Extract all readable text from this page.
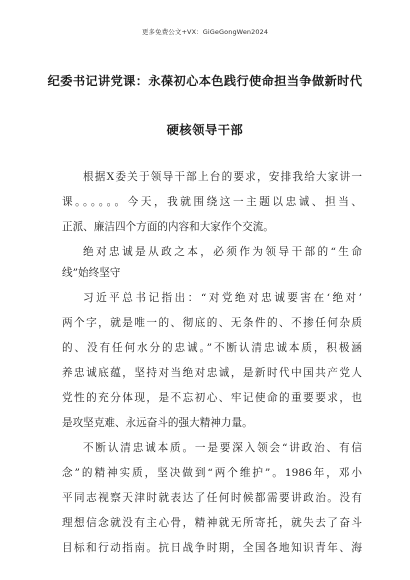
更多免费公文+VX：GiGeGongWen2024
纪委书记讲党课：永葆初心本色践行使命担当争做新时代
硬核领导干部
根据X委关于领导干部上台的要求，安排我给大家讲一
课。。。。。。今天，我就围绕这一主题以忠诚、担当、
正派、廉洁四个方面的内容和大家作个交流。
绝对忠诚是从政之本，必须作为领导干部的“生命
线”始终坚守
习近平总书记指出：“对党绝对忠诚要害在‘绝对’
两个字，就是唯一的、彻底的、无条件的、不掺任何杂质
的、没有任何水分的忠诚。”不断认清忠诚本质，积极涵
养忠诚底蕴，坚持对当绝对忠诚，是新时代中国共产党人
党性的充分体现，是不忘初心、牢记使命的重要要求，也
是攻坚克难、永远奋斗的强大精神力量。
不断认清忠诚本质。一是要深入领会“讲政治、有信
念”的精神实质，坚决做到“两个维护”。1986年，邓小
平同志视察天津时就表达了任何时候都需要讲政治。没有
理想信念就没有主心骨，精神就无所寄托，就失去了奋斗
目标和行动指南。抗日战争时期，全国各地知识青年、海
